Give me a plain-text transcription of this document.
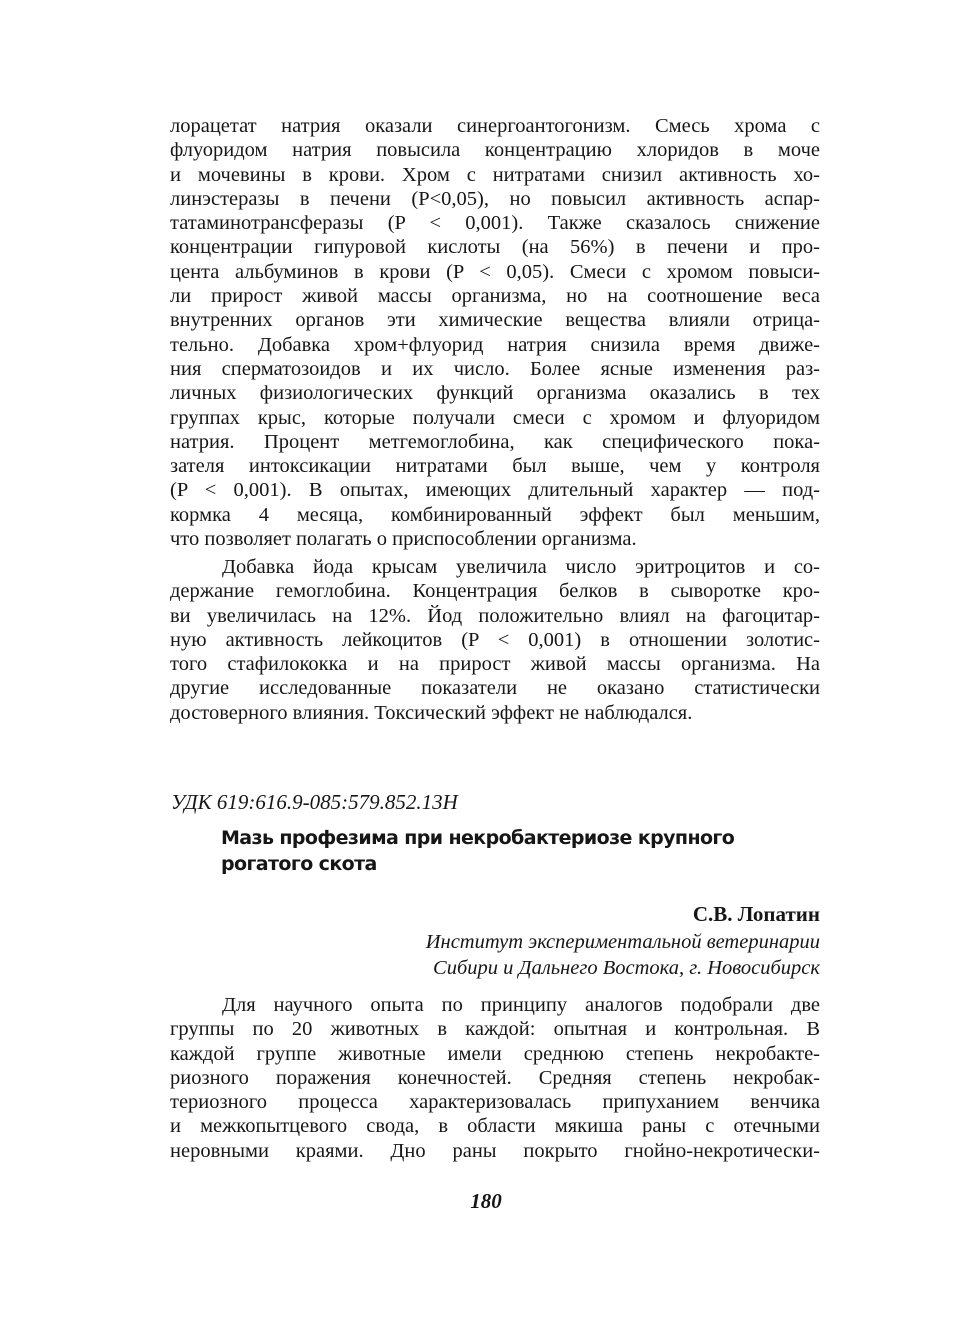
лорацетат натрия оказали синергоантогонизм. Смесь хрома с
флуоридом натрия повысила концентрацию хлоридов в моче
и мочевины в крови. Хром с нитратами снизил активность хо-
линэстеразы в печени (P<0,05), но повысил активность аспар-
татаминотрансферазы (P < 0,001). Также сказалось снижение
концентрации гипуровой кислоты (на 56%) в печени и про-
цента альбуминов в крови (P < 0,05). Смеси с хромом повыси-
ли прирост живой массы организма, но на соотношение веса
внутренних органов эти химические вещества влияли отрица-
тельно. Добавка хром+флуорид натрия снизила время движе-
ния сперматозоидов и их число. Более ясные изменения раз-
личных физиологических функций организма оказались в тех
группах крыс, которые получали смеси с хромом и флуоридом
натрия. Процент метгемоглобина, как специфического пока-
зателя интоксикации нитратами был выше, чем у контроля
(P < 0,001). В опытах, имеющих длительный характер — под-
кормка 4 месяца, комбинированный эффект был меньшим,
что позволяет полагать о приспособлении организма.
Добавка йода крысам увеличила число эритроцитов и со-
держание гемоглобина. Концентрация белков в сыворотке кро-
ви увеличилась на 12%. Йод положительно влиял на фагоцитар-
ную активность лейкоцитов (P < 0,001) в отношении золотис-
того стафилококка и на прирост живой массы организма. На
другие исследованные показатели не оказано статистически
достоверного влияния. Токсический эффект не наблюдался.

УДК 619:616.9-085:579.852.13Н

Мазь профезима при некробактериозе крупного
рогатого скота

С.В. Лопатин

Институт экспериментальной ветеринарии
Сибири и Дальнего Востока, г. Новосибирск
Для научного опыта по принципу аналогов подобрали две
группы по 20 животных в каждой: опытная и контрольная. В
каждой группе животные имели среднюю степень некробакте-
риозного поражения конечностей. Средняя степень некробак-
териозного процесса характеризовалась припуханием венчика
и межкопытцевого свода, в области мякиша раны с отечными
неровными краями. Дно раны покрыто гнойно-некротически-

180
